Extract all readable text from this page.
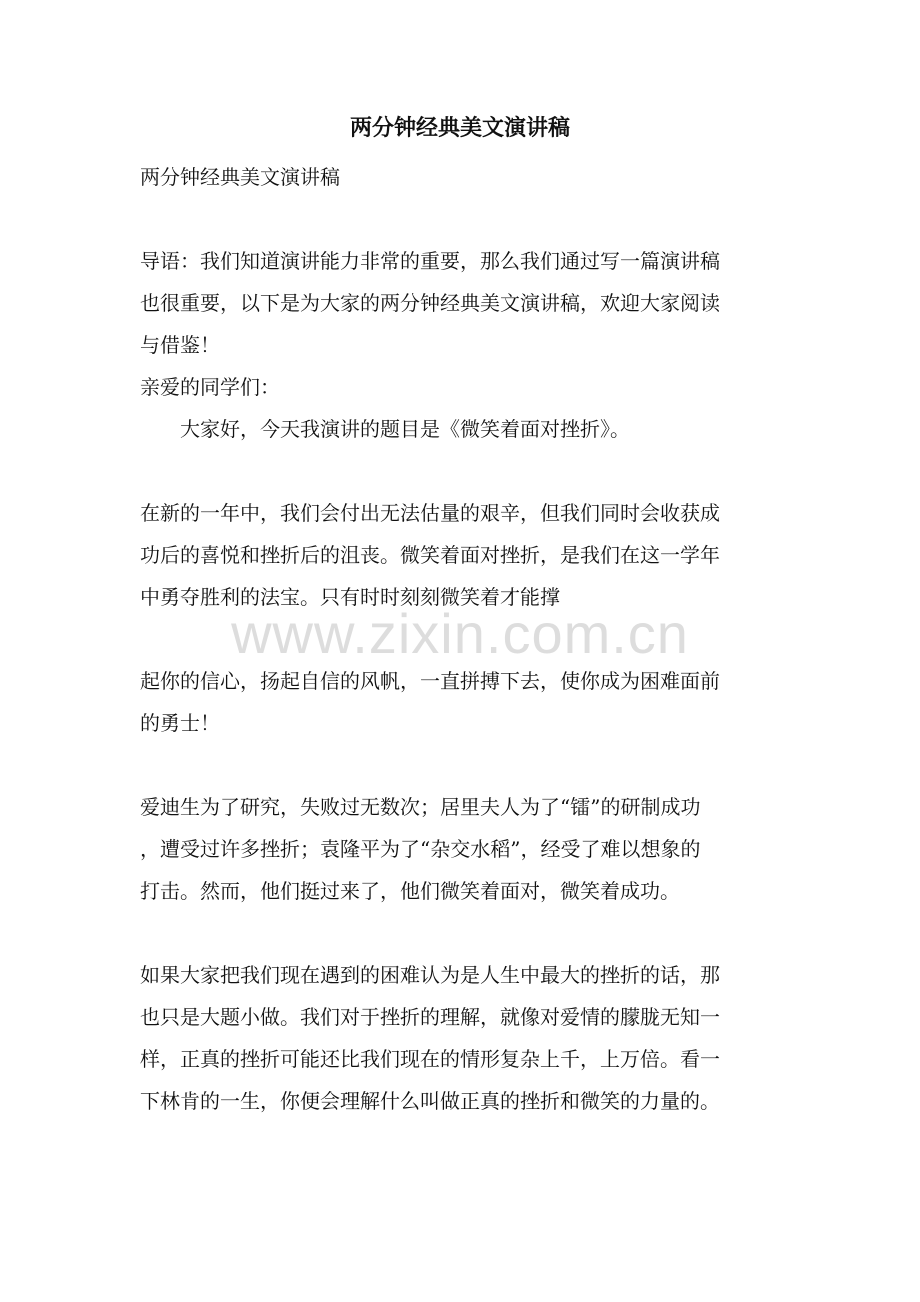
两分钟经典美文演讲稿

两分钟经典美文演讲稿

导语：我们知道演讲能力非常的重要，那么我们通过写一篇演讲稿

也很重要，以下是为大家的两分钟经典美文演讲稿，欢迎大家阅读

与借鉴！

亲爱的同学们：

大家好，今天我演讲的题目是《微笑着面对挫折》。

在新的一年中，我们会付出无法估量的艰辛，但我们同时会收获成

功后的喜悦和挫折后的沮丧。微笑着面对挫折，是我们在这一学年

中勇夺胜利的法宝。只有时时刻刻微笑着才能撑

起你的信心，扬起自信的风帆，一直拼搏下去，使你成为困难面前

的勇士！

爱迪生为了研究，失败过无数次；居里夫人为了“镭”的研制成功

，遭受过许多挫折；袁隆平为了“杂交水稻”，经受了难以想象的

打击。然而，他们挺过来了，他们微笑着面对，微笑着成功。

如果大家把我们现在遇到的困难认为是人生中最大的挫折的话，那

也只是大题小做。我们对于挫折的理解，就像对爱情的朦胧无知一

样，正真的挫折可能还比我们现在的情形复杂上千，上万倍。看一

下林肯的一生，你便会理解什么叫做正真的挫折和微笑的力量的。

www.zixin.com.cn
